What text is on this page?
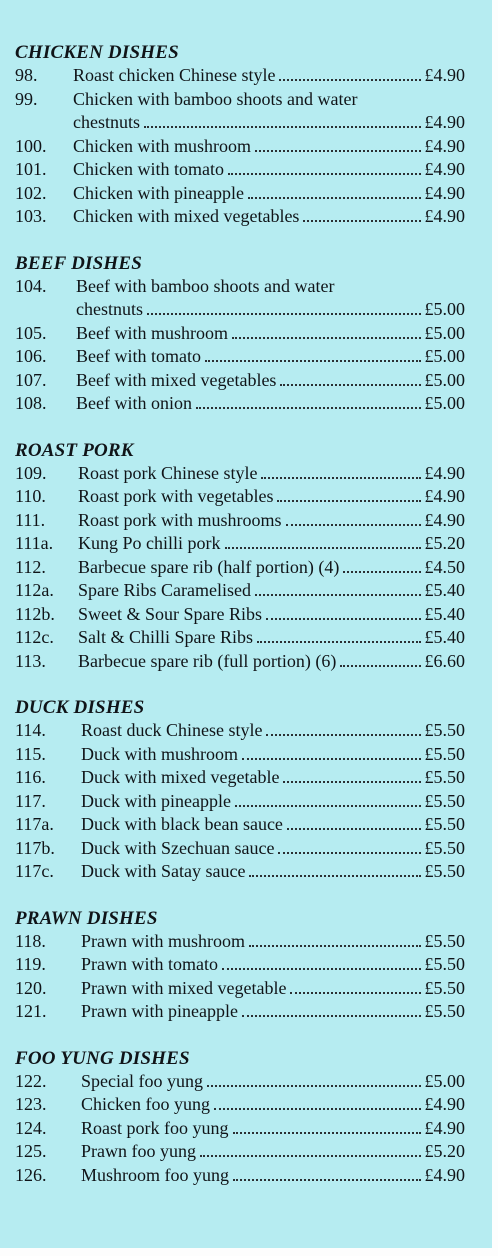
CHICKEN DISHES
98.	Roast chicken Chinese style	£4.90
99.	Chicken with bamboo shoots and water
chestnuts	£4.90
100.	Chicken with mushroom	£4.90
101.	Chicken with tomato	£4.90
102.	Chicken with pineapple	£4.90
103.	Chicken with mixed vegetables	£4.90
BEEF DISHES
104.	Beef with bamboo shoots and water
chestnuts	£5.00
105.	Beef with mushroom	£5.00
106.	Beef with tomato	£5.00
107.	Beef with mixed vegetables	£5.00
108.	Beef with onion	£5.00
ROAST PORK
109.	Roast pork Chinese style	£4.90
110.	Roast pork with vegetables	£4.90
111.	Roast pork with mushrooms	£4.90
111a.	Kung Po chilli pork	£5.20
112.	Barbecue spare rib (half portion) (4)	£4.50
112a.	Spare Ribs Caramelised	£5.40
112b.	Sweet & Sour Spare Ribs	£5.40
112c.	Salt & Chilli Spare Ribs	£5.40
113.	Barbecue spare rib (full portion) (6)	£6.60
DUCK DISHES
114.	Roast duck Chinese style	£5.50
115.	Duck with mushroom	£5.50
116.	Duck with mixed vegetable	£5.50
117.	Duck with pineapple	£5.50
117a.	Duck with black bean sauce	£5.50
117b.	Duck with Szechuan sauce	£5.50
117c.	Duck with Satay sauce	£5.50
PRAWN DISHES
118.	Prawn with mushroom	£5.50
119.	Prawn with tomato	£5.50
120.	Prawn with mixed vegetable	£5.50
121.	Prawn with pineapple	£5.50
FOO YUNG DISHES
122.	Special foo yung	£5.00
123.	Chicken foo yung	£4.90
124.	Roast pork foo yung	£4.90
125.	Prawn foo yung	£5.20
126.	Mushroom foo yung	£4.90
